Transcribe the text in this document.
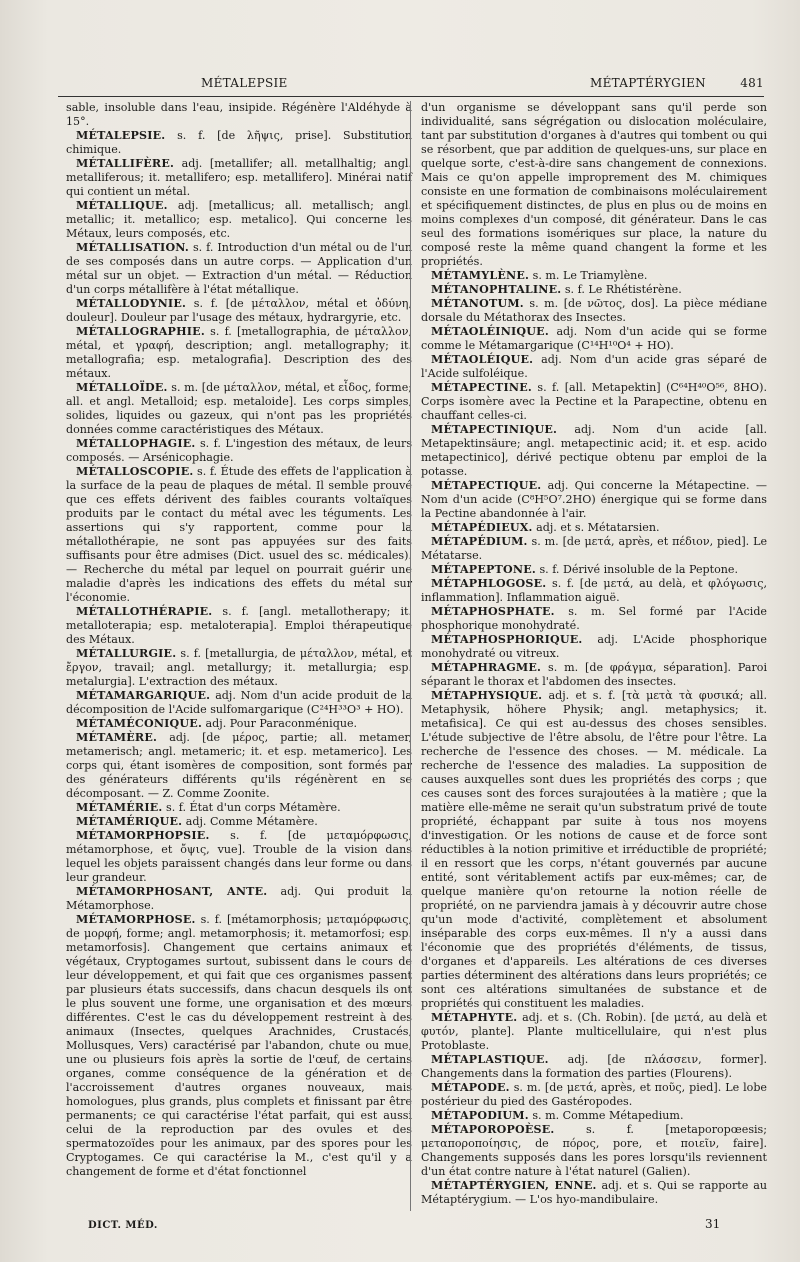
MÉTALEPSIE	MÉTAPTÉRYGIEN	481

sable, insoluble dans l'eau, insipide. Régénère l'Aldéhyde à 15°.

MÉTALEPSIE. s. f. [de λῆψις, prise]. Substitution chimique.

MÉTALLIFÈRE. adj. [metallifer; all. metallhaltig; angl. metalliferous; it. metallifero; esp. metallifero]. Minérai natif qui contient un métal.

MÉTALLIQUE. adj. [metallicus; all. metallisch; angl. metallic; it. metallico; esp. metalico]. Qui concerne les Métaux, leurs composés, etc.

MÉTALLISATION. s. f. Introduction d'un métal ou de l'un de ses composés dans un autre corps. — Application d'un métal sur un objet. — Extraction d'un métal. — Réduction d'un corps métallifère à l'état métallique.

MÉTALLODYNIE. s. f. [de μέταλλον, métal et ὀδύνη, douleur]. Douleur par l'usage des métaux, hydrargyrie, etc.

MÉTALLOGRAPHIE. s. f. [metallographia, de μέταλλον, métal, et γραφή, description; angl. metallography; it. metallografia; esp. metalografia]. Description des des métaux.

MÉTALLOÏDE. s. m. [de μέταλλον, métal, et εἶδος, forme; all. et angl. Metalloid; esp. metaloide]. Les corps simples, solides, liquides ou gazeux, qui n'ont pas les propriétés données comme caractéristiques des Métaux.

MÉTALLOPHAGIE. s. f. L'ingestion des métaux, de leurs composés. — Arsénicophagie.

MÉTALLOSCOPIE. s. f. Étude des effets de l'application à la surface de la peau de plaques de métal. Il semble prouvé que ces effets dérivent des faibles courants voltaïques produits par le contact du métal avec les téguments. Les assertions qui s'y rapportent, comme pour la métallothérapie, ne sont pas appuyées sur des faits suffisants pour être admises (Dict. usuel des sc. médicales). — Recherche du métal par lequel on pourrait guérir une maladie d'après les indications des effets du métal sur l'économie.

MÉTALLOTHÉRAPIE. s. f. [angl. metallotherapy; it. metalloterapia; esp. metaloterapia]. Emploi thérapeutique des Métaux.

MÉTALLURGIE. s. f. [metallurgia, de μέταλλον, métal, et ἔργον, travail; angl. metallurgy; it. metallurgia; esp. metalurgia]. L'extraction des métaux.

MÉTAMARGARIQUE. adj. Nom d'un acide produit de la décomposition de l'Acide sulfomargarique (C²⁴H³³O³ + HO).

MÉTAMÉCONIQUE. adj. Pour Paraconménique.

MÉTAMÈRE. adj. [de μέρος, partie; all. metamer, metamerisch; angl. metameric; it. et esp. metamerico]. Les corps qui, étant isomères de composition, sont formés par des générateurs différents qu'ils régénèrent en se décomposant. — Z. Comme Zoonite.

MÉTAMÉRIE. s. f. État d'un corps Métamère.

MÉTAMÉRIQUE. adj. Comme Métamère.

MÉTAMORPHOPSIE. s. f. [de μεταμόρφωσις, métamorphose, et ὄψις, vue]. Trouble de la vision dans lequel les objets paraissent changés dans leur forme ou dans leur grandeur.

MÉTAMORPHOSANT, ANTE. adj. Qui produit la Métamorphose.

MÉTAMORPHOSE. s. f. [métamorphosis; μεταμόρφωσις, de μορφή, forme; angl. metamorphosis; it. metamorfosi; esp. metamorfosis]. Changement que certains animaux et végétaux, Cryptogames surtout, subissent dans le cours de leur développement, et qui fait que ces organismes passent par plusieurs états successifs, dans chacun desquels ils ont le plus souvent une forme, une organisation et des mœurs différentes. C'est le cas du développement restreint à des animaux (Insectes, quelques Arachnides, Crustacés, Mollusques, Vers) caractérisé par l'abandon, chute ou mue, une ou plusieurs fois après la sortie de l'œuf, de certains organes, comme conséquence de la génération et de l'accroissement d'autres organes nouveaux, mais homologues, plus grands, plus complets et finissant par être permanents; ce qui caractérise l'état parfait, qui est aussi celui de la reproduction par des ovules et des spermatozoïdes pour les animaux, par des spores pour les Cryptogames. Ce qui caractérise la M., c'est qu'il y a changement de forme et d'état fonctionnel

d'un organisme se développant sans qu'il perde son individualité, sans ségrégation ou dislocation moléculaire, tant par substitution d'organes à d'autres qui tombent ou qui se résorbent, que par addition de quelques-uns, sur place en quelque sorte, c'est-à-dire sans changement de connexions. Mais ce qu'on appelle improprement des M. chimiques consiste en une formation de combinaisons moléculairement et spécifiquement distinctes, de plus en plus ou de moins en moins complexes d'un composé, dit générateur. Dans le cas seul des formations isomériques sur place, la nature du composé reste la même quand changent la forme et les propriétés.

MÉTAMYLÈNE. s. m. Le Triamylène.

MÉTANOPHTALINE. s. f. Le Rhétistérène.

MÉTANOTUM. s. m. [de νῶτος, dos]. La pièce médiane dorsale du Métathorax des Insectes.

MÉTAOLÉINIQUE. adj. Nom d'un acide qui se forme comme le Métamargarique (C¹⁴H¹⁰O⁴ + HO).

MÉTAOLÉIQUE. adj. Nom d'un acide gras séparé de l'Acide sulfoléique.

MÉTAPECTINE. s. f. [all. Metapektin] (C⁶⁴H⁴⁰O⁵⁶, 8HO). Corps isomère avec la Pectine et la Parapectine, obtenu en chauffant celles-ci.

MÉTAPECTINIQUE. adj. Nom d'un acide [all. Metapektinsäure; angl. metapectinic acid; it. et esp. acido metapectinico], dérivé pectique obtenu par emploi de la potasse.

MÉTAPECTIQUE. adj. Qui concerne la Métapectine. — Nom d'un acide (C⁸H⁵O⁷.2HO) énergique qui se forme dans la Pectine abandonnée à l'air.

MÉTAPÉDIEUX. adj. et s. Métatarsien.

MÉTAPÉDIUM. s. m. [de μετά, après, et πέδιον, pied]. Le Métatarse.

MÉTAPEPTONE. s. f. Dérivé insoluble de la Peptone.

MÉTAPHLOGOSE. s. f. [de μετά, au delà, et φλόγωσις, inflammation]. Inflammation aiguë.

MÉTAPHOSPHATE. s. m. Sel formé par l'Acide phosphorique monohydraté.

MÉTAPHOSPHORIQUE. adj. L'Acide phosphorique monohydraté ou vitreux.

MÉTAPHRAGME. s. m. [de φράγμα, séparation]. Paroi séparant le thorax et l'abdomen des insectes.

MÉTAPHYSIQUE. adj. et s. f. [τὰ μετὰ τὰ φυσικά; all. Metaphysik, höhere Physik; angl. metaphysics; it. metafisica]. Ce qui est au-dessus des choses sensibles. L'étude subjective de l'être absolu, de l'être pour l'être. La recherche de l'essence des choses. — M. médicale. La recherche de l'essence des maladies. La supposition de causes auxquelles sont dues les propriétés des corps ; que ces causes sont des forces surajoutées à la matière ; que la matière elle-même ne serait qu'un substratum privé de toute propriété, échappant par suite à tous nos moyens d'investigation. Or les notions de cause et de force sont réductibles à la notion primitive et irréductible de propriété; il en ressort que les corps, n'étant gouvernés par aucune entité, sont véritablement actifs par eux-mêmes; car, de quelque manière qu'on retourne la notion réelle de propriété, on ne parviendra jamais à y découvrir autre chose qu'un mode d'activité, complètement et absolument inséparable des corps eux-mêmes. Il n'y a aussi dans l'économie que des propriétés d'éléments, de tissus, d'organes et d'appareils. Les altérations de ces diverses parties déterminent des altérations dans leurs propriétés; ce sont ces altérations simultanées de substance et de propriétés qui constituent les maladies.

MÉTAPHYTE. adj. et s. (Ch. Robin). [de μετά, au delà et φυτόν, plante]. Plante multicellulaire, qui n'est plus Protoblaste.

MÉTAPLASTIQUE. adj. [de πλάσσειν, former]. Changements dans la formation des parties (Flourens).

MÉTAPODE. s. m. [de μετά, après, et ποῦς, pied]. Le lobe postérieur du pied des Gastéropodes.

MÉTAPODIUM. s. m. Comme Métapedium.

MÉTAPOROPOÈSE.	s. f. [metaporopœesis; μεταποροποίησις, de πόρος, pore, et ποιεῖν, faire]. Changements supposés dans les pores lorsqu'ils reviennent d'un état contre nature à l'état naturel (Galien).

MÉTAPTÉRYGIEN, ENNE. adj. et s. Qui se rapporte au Métaptérygium. — L'os hyo-mandibulaire.

DICT. MÉD.	31
